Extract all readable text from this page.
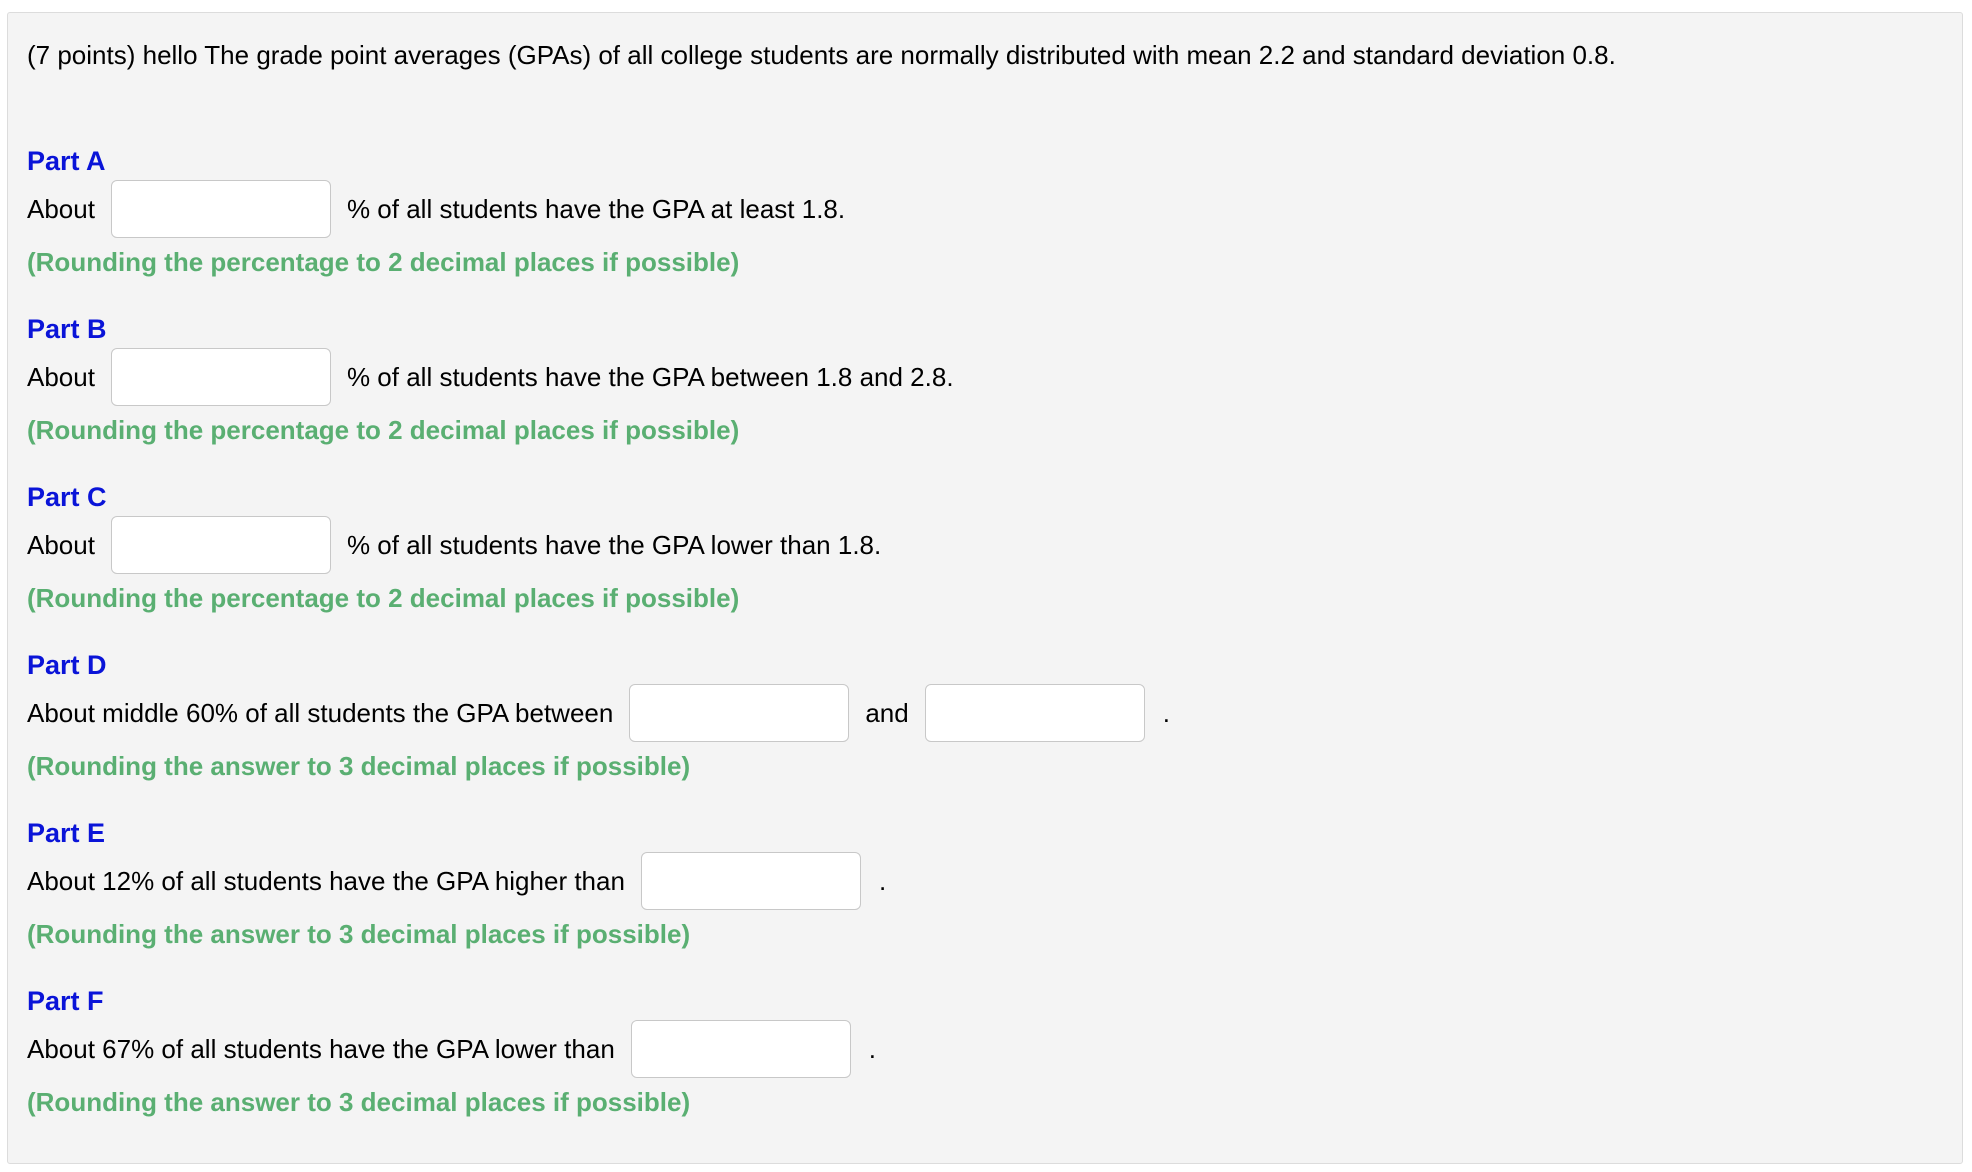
(7 points) hello The grade point averages (GPAs) of all college students are normally distributed with mean 2.2 and standard deviation 0.8.
Part A
About	% of all students have the GPA at least 1.8.
(Rounding the percentage to 2 decimal places if possible)
Part B
About	% of all students have the GPA between 1.8 and 2.8.
(Rounding the percentage to 2 decimal places if possible)
Part C
About	% of all students have the GPA lower than 1.8.
(Rounding the percentage to 2 decimal places if possible)
Part D
About middle 60% of all students the GPA between	and	.
(Rounding the answer to 3 decimal places if possible)
Part E
About 12% of all students have the GPA higher than	.
(Rounding the answer to 3 decimal places if possible)
Part F
About 67% of all students have the GPA lower than	.
(Rounding the answer to 3 decimal places if possible)
